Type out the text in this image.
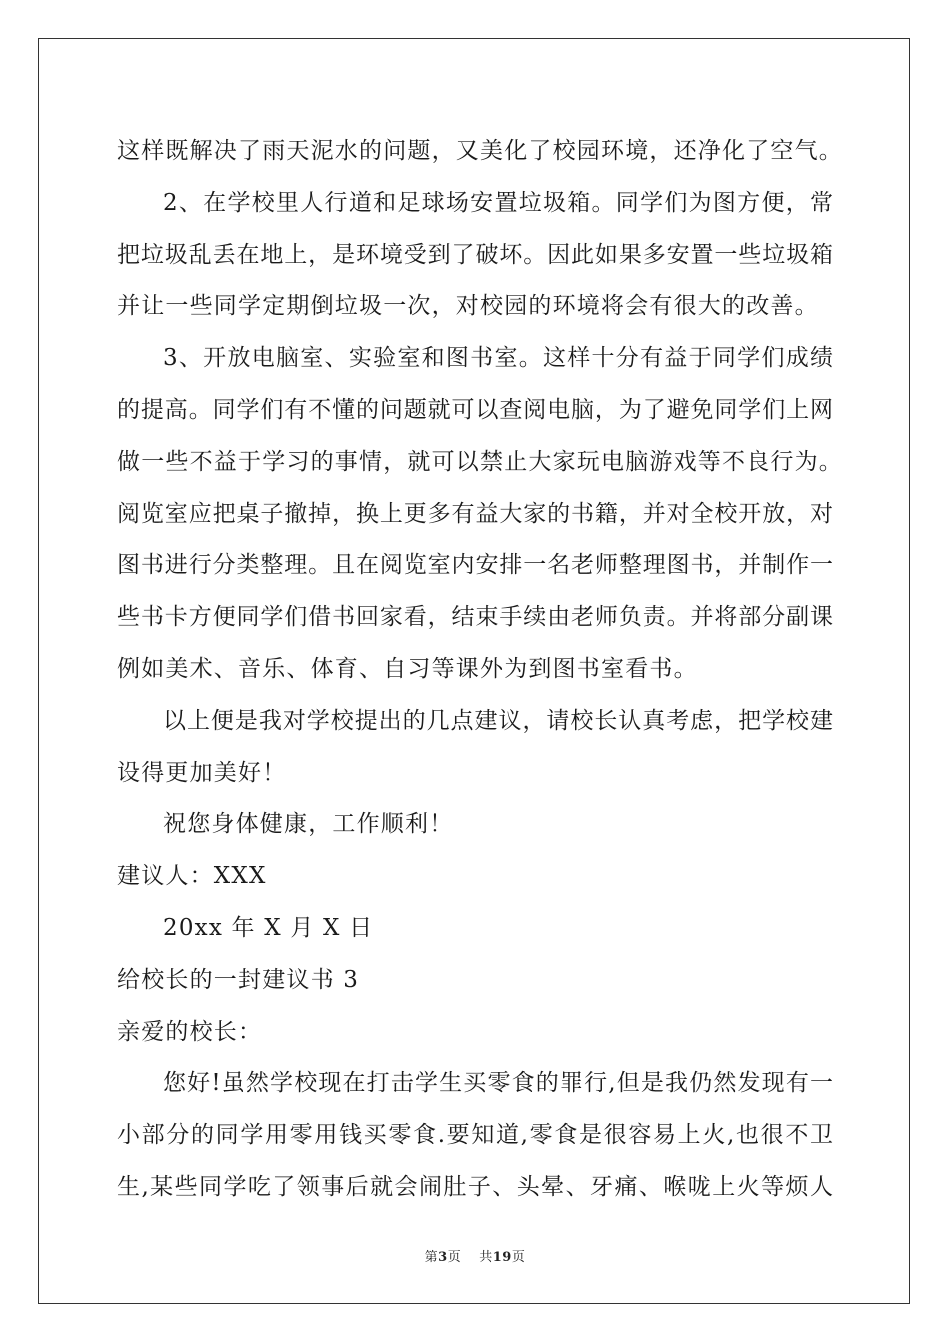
这样既解决了雨天泥水的问题，又美化了校园环境，还净化了空气。
2、在学校里人行道和足球场安置垃圾箱。同学们为图方便，常
把垃圾乱丢在地上，是环境受到了破坏。因此如果多安置一些垃圾箱
并让一些同学定期倒垃圾一次，对校园的环境将会有很大的改善。
3、开放电脑室、实验室和图书室。这样十分有益于同学们成绩
的提高。同学们有不懂的问题就可以查阅电脑，为了避免同学们上网
做一些不益于学习的事情，就可以禁止大家玩电脑游戏等不良行为。
阅览室应把桌子撤掉，换上更多有益大家的书籍，并对全校开放，对
图书进行分类整理。且在阅览室内安排一名老师整理图书，并制作一
些书卡方便同学们借书回家看，结束手续由老师负责。并将部分副课
例如美术、音乐、体育、自习等课外为到图书室看书。
以上便是我对学校提出的几点建议，请校长认真考虑，把学校建
设得更加美好！
祝您身体健康，工作顺利！
建议人：XXX
20xx 年 X 月 X 日
给校长的一封建议书 3
亲爱的校长：
您好!虽然学校现在打击学生买零食的罪行,但是我仍然发现有一
小部分的同学用零用钱买零食.要知道,零食是很容易上火,也很不卫
生,某些同学吃了领事后就会闹肚子、头晕、牙痛、喉咙上火等烦人
第3页 共19页
